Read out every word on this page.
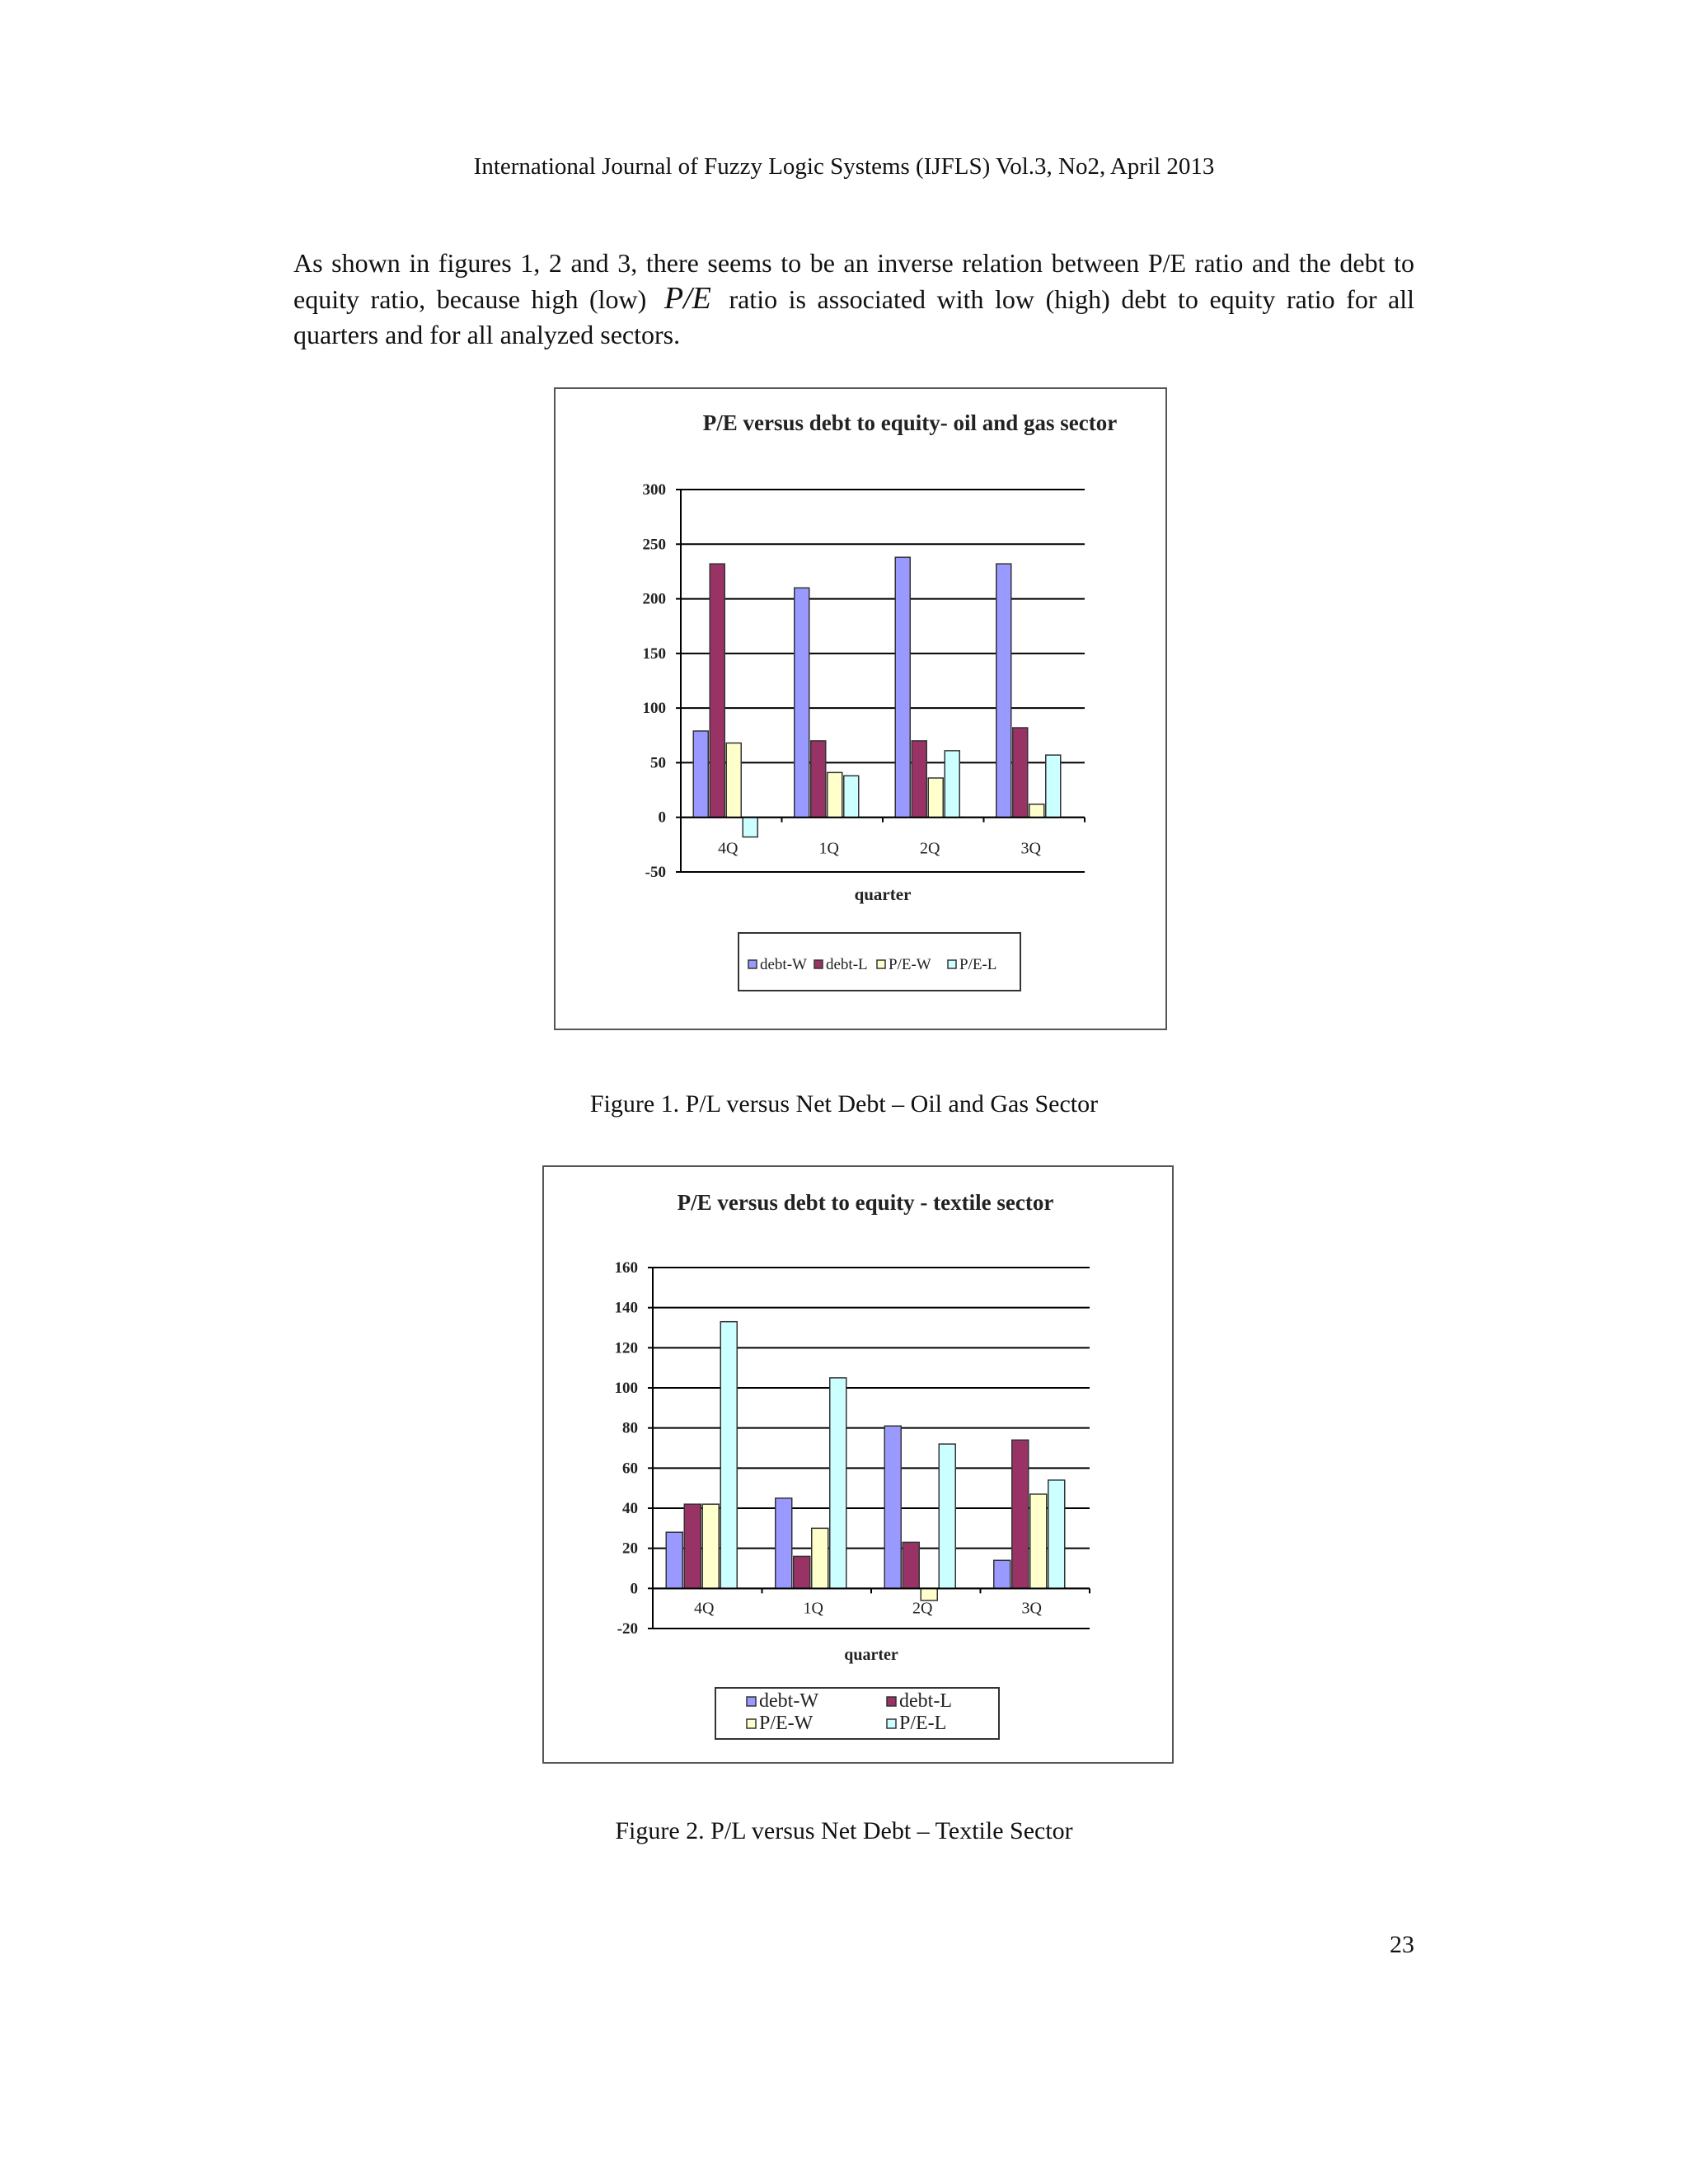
International Journal of Fuzzy Logic Systems (IJFLS) Vol.3, No2, April 2013
As shown in figures 1, 2 and 3, there seems to be an inverse relation between P/E ratio and the debt to equity ratio, because high (low) P/E ratio is associated with low (high) debt to equity ratio for all quarters and for all analyzed sectors.
P/E versus debt to equity- oil and gas sector
300
250
200
150
100
50
0
-50
4Q	1Q	2Q	3Q
quarter
debt-W debt-L P/E-W P/E-L
Figure 1. P/L versus Net Debt – Oil and Gas Sector
P/E versus debt to equity - textile sector
160
140
120
100
80
60
40
20
0
-20
4Q	1Q	2Q	3Q
quarter
debt-W	debt-L
P/E-W	P/E-L
Figure 2. P/L versus Net Debt – Textile Sector
23
